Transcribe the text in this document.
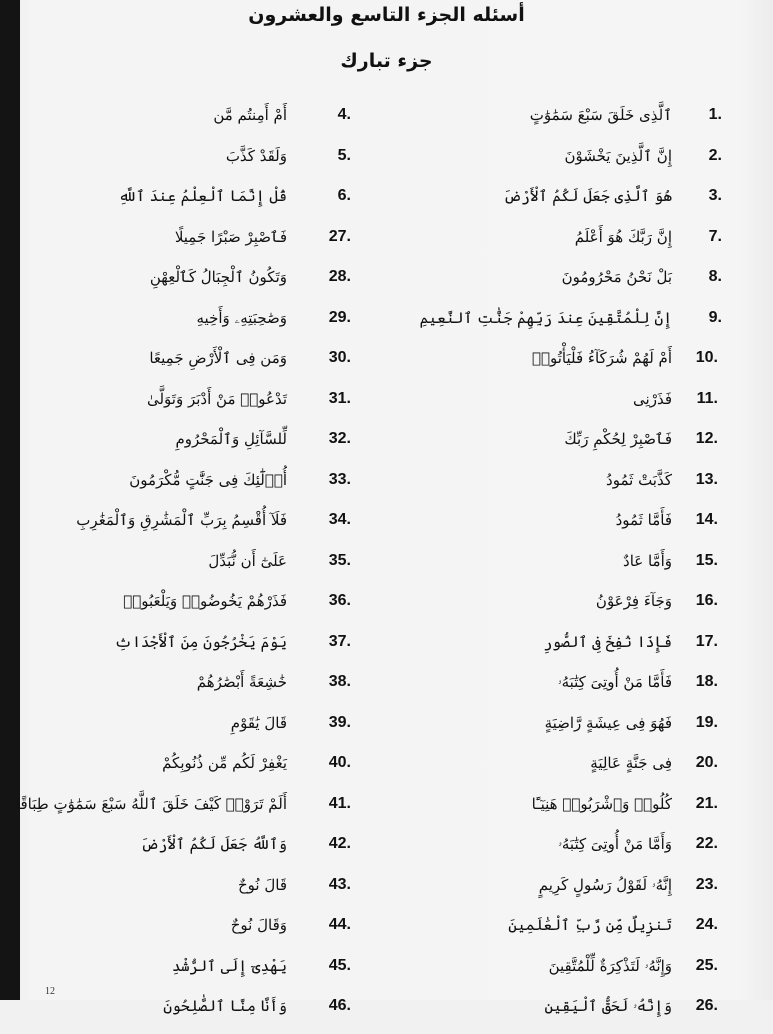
أسئله الجزء التاسع والعشرون
جزء تبارك
1.
ٱلَّذِى خَلَقَ سَبْعَ سَمَٰوَٰتٍ
2.
إِنَّ ٱلَّذِينَ يَخْشَوْنَ
3.
هُوَ ٱلَّذِى جَعَلَ لَكُمُ ٱلْأَرْضَ
7.
إِنَّ رَبَّكَ هُوَ أَعْلَمُ
8.
بَلْ نَحْنُ مَحْرُومُونَ
9.
إِنَّ لِلْمُتَّقِينَ عِندَ رَبِّهِمْ جَنَّٰتِ ٱلنَّعِيمِ
10.
أَمْ لَهُمْ شُرَكَآءُ فَلْيَأْتُوا۟
11.
فَذَرْنِى
12.
فَٱصْبِرْ لِحُكْمِ رَبِّكَ
13.
كَذَّبَتْ ثَمُودُ
14.
فَأَمَّا ثَمُودُ
15.
وَأَمَّا عَادٌ
16.
وَجَآءَ فِرْعَوْنُ
17.
فَإِذَا نُفِخَ فِى ٱلصُّورِ
18.
فَأَمَّا مَنْ أُوتِىَ كِتَٰبَهُۥ
19.
فَهُوَ فِى عِيشَةٍ رَّاضِيَةٍ
20.
فِى جَنَّةٍ عَالِيَةٍ
21.
كُلُوا۟ وَٱشْرَبُوا۟ هَنِيٓـًٔا
22.
وَأَمَّا مَنْ أُوتِىَ كِتَٰبَهُۥ
23.
إِنَّهُۥ لَقَوْلُ رَسُولٍ كَرِيمٍ
24.
تَنزِيلٌ مِّن رَّبِّ ٱلْعَٰلَمِينَ
25.
وَإِنَّهُۥ لَتَذْكِرَةٌ لِّلْمُتَّقِينَ
26.
وَإِنَّهُۥ لَحَقُّ ٱلْيَقِينِ
4.
أَمْ أَمِنتُم مَّن
5.
وَلَقَدْ كَذَّبَ
6.
قُلْ إِنَّمَا ٱلْعِلْمُ عِندَ ٱللَّهِ
27.
فَٱصْبِرْ صَبْرًا جَمِيلًا
28.
وَتَكُونُ ٱلْجِبَالُ كَٱلْعِهْنِ
29.
وَصَٰحِبَتِهِۦ وَأَخِيهِ
30.
وَمَن فِى ٱلْأَرْضِ جَمِيعًا
31.
تَدْعُوا۟ مَنْ أَدْبَرَ وَتَوَلَّىٰ
32.
لِّلسَّآئِلِ وَٱلْمَحْرُومِ
33.
أُو۟لَٰٓئِكَ فِى جَنَّٰتٍ مُّكْرَمُونَ
34.
فَلَآ أُقْسِمُ بِرَبِّ ٱلْمَشَٰرِقِ وَٱلْمَغَٰرِبِ
35.
عَلَىٰٓ أَن نُّبَدِّلَ
36.
فَذَرْهُمْ يَخُوضُوا۟ وَيَلْعَبُوا۟
37.
يَوْمَ يَخْرُجُونَ مِنَ ٱلْأَجْدَاثِ
38.
خَٰشِعَةً أَبْصَٰرُهُمْ
39.
قَالَ يَٰقَوْمِ
40.
يَغْفِرْ لَكُم مِّن ذُنُوبِكُمْ
41.
أَلَمْ تَرَوْا۟ كَيْفَ خَلَقَ ٱللَّهُ سَبْعَ سَمَٰوَٰتٍ طِبَاقًا
42.
وَٱللَّهُ جَعَلَ لَكُمُ ٱلْأَرْضَ
43.
قَالَ نُوحٌ
44.
وَقَالَ نُوحٌ
45.
يَهْدِىٓ إِلَى ٱلرُّشْدِ
46.
وَأَنَّا مِنَّا ٱلصَّٰلِحُونَ
12
